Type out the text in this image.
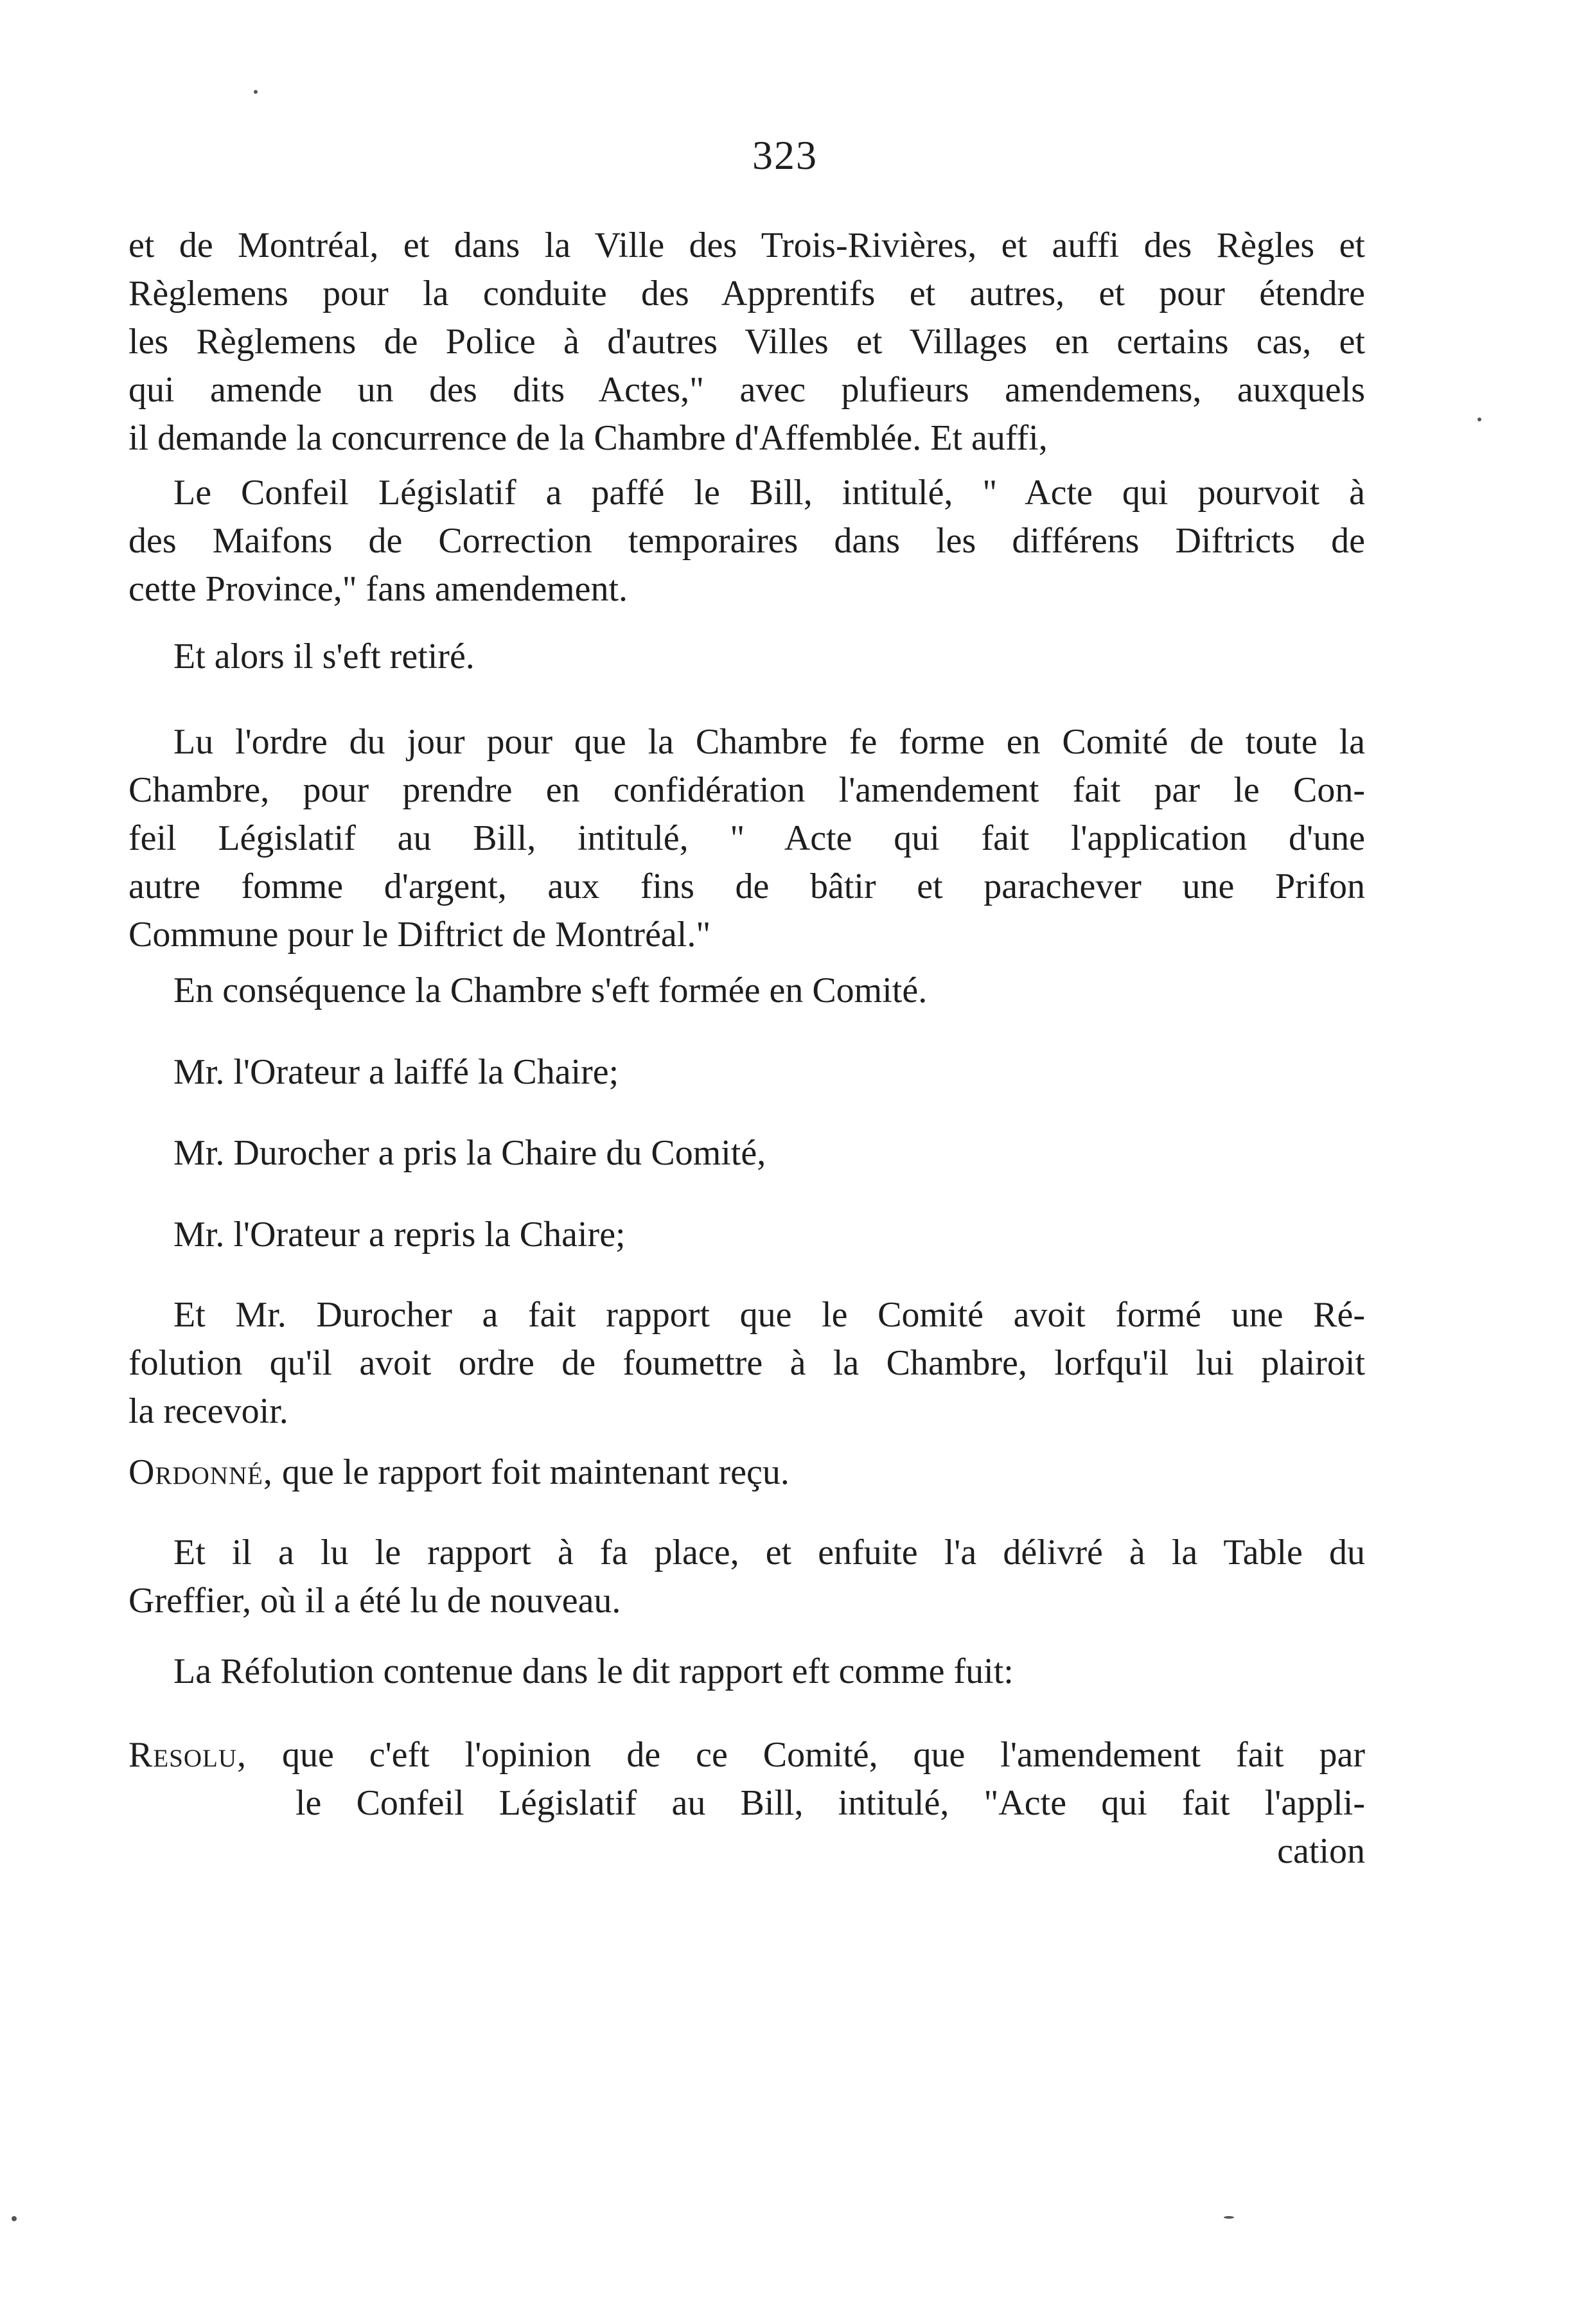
323
et de Montréal, et dans la Ville des Trois-Rivières, et auffi des Règles et
Règlemens pour la conduite des Apprentifs et autres, et pour étendre
les Règlemens de Police à d'autres Villes et Villages en certains cas, et
qui amende un des dits Actes," avec plufieurs amendemens, auxquels
il demande la concurrence de la Chambre d'Affemblée. Et auffi,
Le Confeil Législatif a paffé le Bill, intitulé, " Acte qui pourvoit à
des Maifons de Correction temporaires dans les différens Diftricts de
cette Province," fans amendement.
Et alors il s'eft retiré.
Lu l'ordre du jour pour que la Chambre fe forme en Comité de toute la
Chambre, pour prendre en confidération l'amendement fait par le Con-
feil Législatif au Bill, intitulé, " Acte qui fait l'application d'une
autre fomme d'argent, aux fins de bâtir et parachever une Prifon
Commune pour le Diftrict de Montréal."
En conséquence la Chambre s'eft formée en Comité.
Mr. l'Orateur a laiffé la Chaire;
Mr. Durocher a pris la Chaire du Comité,
Mr. l'Orateur a repris la Chaire;
Et Mr. Durocher a fait rapport que le Comité avoit formé une Ré-
folution qu'il avoit ordre de foumettre à la Chambre, lorfqu'il lui plairoit
la recevoir.
Ordonné, que le rapport foit maintenant reçu.
Et il a lu le rapport à fa place, et enfuite l'a délivré à la Table du
Greffier, où il a été lu de nouveau.
La Réfolution contenue dans le dit rapport eft comme fuit:
Resolu, que c'eft l'opinion de ce Comité, que l'amendement fait par
le Confeil Législatif au Bill, intitulé, "Acte qui fait l'appli-
cation
